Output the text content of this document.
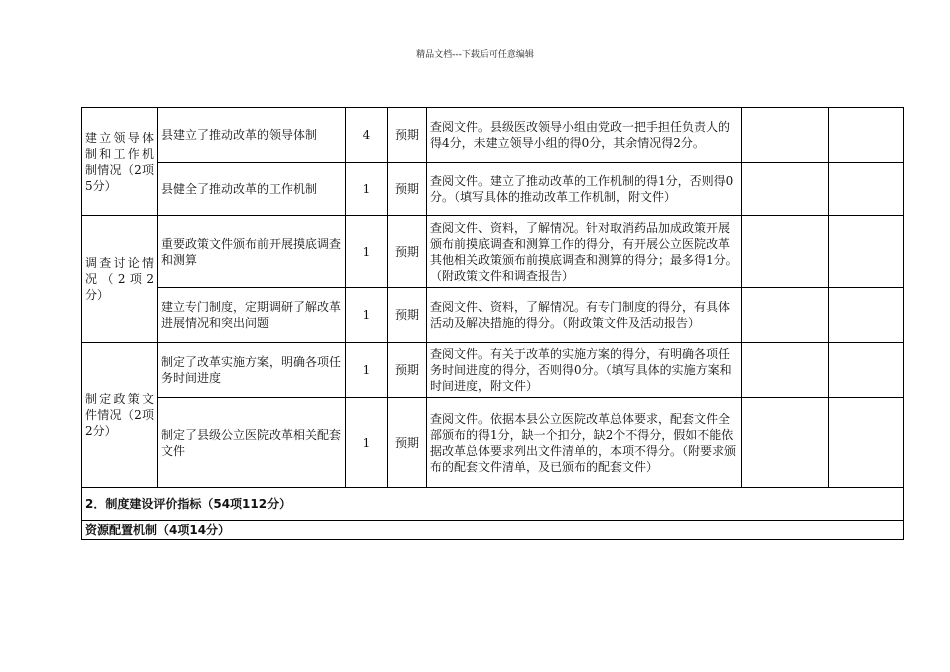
精品文档---下载后可任意编辑
建立领导体制和工作机制情况（2项5分）	县建立了推动改革的领导体制	4	预期	查阅文件。县级医改领导小组由党政一把手担任负责人的得4分，未建立领导小组的得0分，其余情况得2分。		
	县健全了推动改革的工作机制	1	预期	查阅文件。建立了推动改革的工作机制的得1分，否则得0分。（填写具体的推动改革工作机制，附文件）		
调查讨论情况（2项2分）	重要政策文件颁布前开展摸底调查和测算	1	预期	查阅文件、资料，了解情况。针对取消药品加成政策开展颁布前摸底调查和测算工作的得分，有开展公立医院改革其他相关政策颁布前摸底调查和测算的得分；最多得1分。（附政策文件和调查报告）		
	建立专门制度，定期调研了解改革进展情况和突出问题	1	预期	查阅文件、资料，了解情况。有专门制度的得分，有具体活动及解决措施的得分。（附政策文件及活动报告）		
制定政策文件情况（2项2分）	制定了改革实施方案，明确各项任务时间进度	1	预期	查阅文件。有关于改革的实施方案的得分，有明确各项任务时间进度的得分，否则得0分。（填写具体的实施方案和时间进度，附文件）		
	制定了县级公立医院改革相关配套文件	1	预期	查阅文件。依据本县公立医院改革总体要求，配套文件全部颁布的得1分，缺一个扣分，缺2个不得分，假如不能依据改革总体要求列出文件清单的，本项不得分。（附要求颁布的配套文件清单，及已颁布的配套文件）		
2．制度建设评价指标（54项112分）						
资源配置机制（4项14分）						
